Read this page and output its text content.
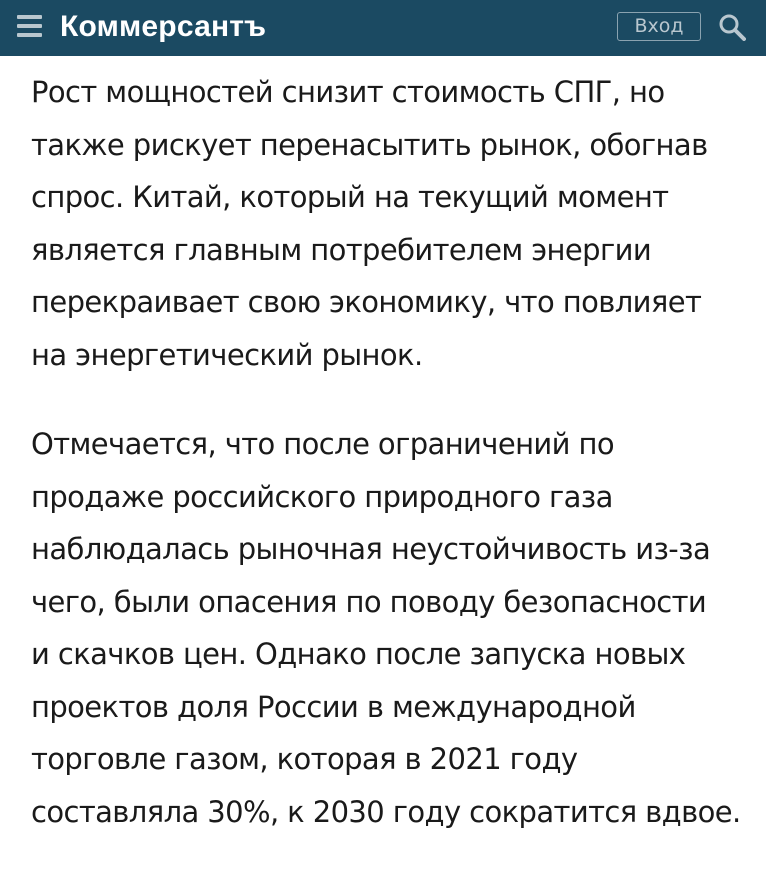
Коммерсантъ	Вход

Рост мощностей снизит стоимость СПГ, но
также рискует перенасытить рынок, обогнав
спрос. Китай, который на текущий момент
является главным потребителем энергии
перекраивает свою экономику, что повлияет
на энергетический рынок.

Отмечается, что после ограничений по
продаже российского природного газа
наблюдалась рыночная неустойчивость из-за
чего, были опасения по поводу безопасности
и скачков цен. Однако после запуска новых
проектов доля России в международной
торговле газом, которая в 2021 году
составляла 30%, к 2030 году сократится вдвое.
